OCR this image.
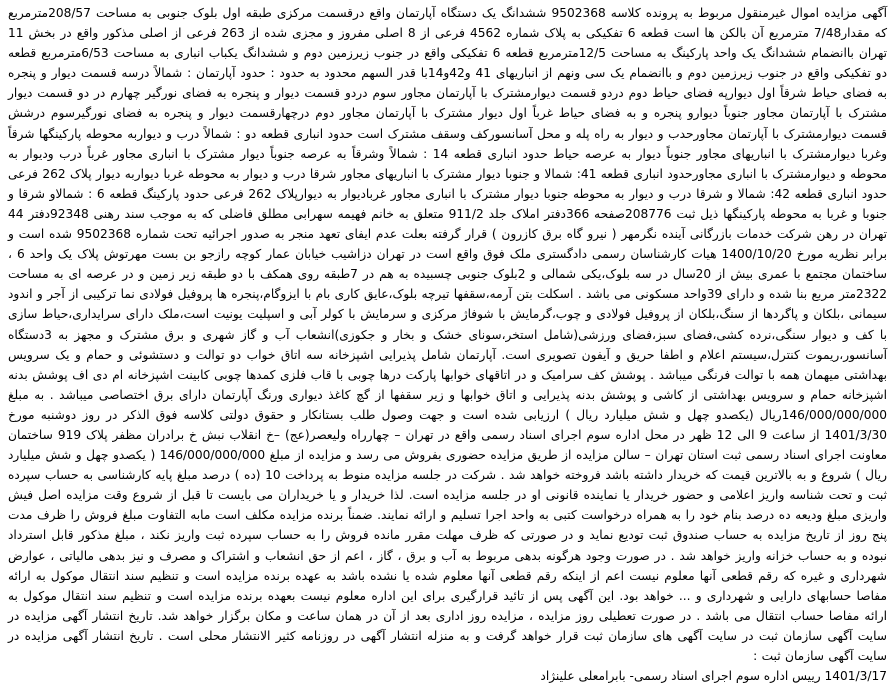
آگهی مزایده اموال غیرمنقول مربوط به پرونده کلاسه 9502368 ششدانگ یک دستگاه آپارتمان واقع درقسمت مرکزی طبقه اول بلوک جنوبی به مساحت 208/57مترمربع که مقدار7/48 مترمربع آن بالکن ها است قطعه 6 تفکیکی به پلاک شماره 4562 فرعی از 8 اصلی مفروز و مجزی شده از 263 فرعی از اصلی مذکور واقع در بخش 11 تهران باانضمام ششدانگ یک واحد پارکینگ به مساحت 12/5مترمربع قطعه 6 تفکیکی واقع در جنوب زیرزمین دوم و ششدانگ یکباب انباری به مساحت 6/53مترمربع قطعه دو تفکیکی واقع در جنوب زیرزمین دوم و باانضمام یک سی ونهم از انباریهای 41 و42و14با قدر السهم محدود به حدود : حدود آپارتمان : شمالاً درسه قسمت دیوار و پنجره به فضای حیاط شرقاً اول دیوارپه فضای حیاط دوم دردو قسمت دیوارمشترک با آپارتمان مجاور سوم دردو قسمت دیوار و پنجره به فضای نورگیر چهارم در دو قسمت دیوار مشترک با آپارتمان مجاور جنوباً دیوارو پنجره و به فضای حیاط غرباً اول دیوار مشترک با آپارتمان مجاور دوم درچهارقسمت دیوار و پنجره به فضای نورگیرسوم درشش قسمت دیوارمشترک با آپارتمان مجاورحدب و دیوار به راه پله و محل آسانسورکف وسقف مشترک است حدود انباری قطعه دو : شمالاً درب و دیواربه محوطه پارکینگها شرقاً وغربا دیوارمشترک با انباریهای مجاور جنوباً دیوار به عرصه حیاط حدود انباری قطعه 14 : شمالاً وشرقاً به عرصه جنوباً دیوار مشترک با انباری مجاور غرباً درب ودیوار به محوطه و دیوارمشترک با انباری مجاورحدود انباری قطعه 41: شمالا و جنوبا دیوار مشترک با انباریهای مجاور شرقا درب و دیوار به محوطه غربا دیواربه دیوار پلاک 262 فرعی حدود انباری قطعه 42: شمالا و شرقا درب و دیوار به محوطه جنوبا دیوار مشترک با انباری مجاور غربادیوار به دیوارپلاک 262 فرعی حدود پارکینگ قطعه 6 : شمالاو شرقا و جنوبا و غربا به محوطه پارکینگها ذیل ثبت 208776صفحه 366دفتر املاک جلد 911/2 متعلق به خانم فهیمه سهرابی مطلق فاضلی که به موجب سند رهنی 92348دفتر 44 تهران در رهن شرکت خدمات بازرگانی آینده نگرمهر ( نیرو گاه برق کازرون ) قرار گرفته بعلت عدم ایفای تعهد منجر به صدور اجرائیه تحت شماره 9502368 شده است و برابر نظریه مورخ 1400/10/20 هیات کارشناسان رسمی دادگستری ملک فوق واقع است در تهران دزاشیب خیابان عمار کوچه رازجو بن بست مهرتوش پلاک یک واحد 6 ، ساختمان مجتمع با عمری بیش از 20سال در سه بلوک،یکی شمالی و 2بلوک جنوبی چسبیده به هم در 7طبقه روی همکف با دو طبقه زیر زمین و در عرصه ای به مساحت 2322متر مربع بنا شده و دارای 39واحد مسکونی می باشد . اسکلت بتن آرمه،سقفها تیرچه بلوک،عایق کاری بام با ایزوگام،پنجره ها پروفیل فولادی نما ترکیبی از آجر و اندود سیمانی ،بلکان و پاگردها از سنگ،بلکان از پروفیل فولادی و چوب،گرمایش با شوفاژ مرکزی و سرمایش با کولر آبی و اسپلیت یونیت است،ملک دارای سرایداری،حیاط سازی با کف و دیوار سنگی،نرده کشی،فضای سبز،فضای ورزشی(شامل استخر،سونای خشک و بخار و جکوزی)انشعاب آب و گاز شهری و برق مشترک و مجهز به 3دستگاه آسانسور،ریموت کنترل،سیستم اعلام و اطفا حریق و آیفون تصویری است. آپارتمان شامل پذیرایی اشپزخانه سه اتاق خواب دو توالت و دستشوئی و حمام و یک سرویس بهداشتی میهمان همه با توالت فرنگی میباشد . پوشش کف سرامیک و در اتاقهای خوابها پارکت درها چوبی با قاب فلزی کمدها چوبی کابینت اشپزخانه ام دی اف پوشش بدنه اشپزخانه حمام و سرویس بهداشتی از کاشی و پوشش بدنه پذیرایی و اتاق خوابها و زیر سقفها از گچ کاغذ دیواری ورنگ آپارتمان دارای برق اختصاصی میباشد . به مبلغ 146/000/000/000ریال (یکصدو چهل و شش میلیارد ریال ) ارزیابی شده است و جهت وصول طلب بستانکار و حقوق دولتی کلاسه فوق الذکر در روز دوشنبه مورخ 1401/3/30 از ساعت 9 الی 12 ظهر در محل اداره سوم اجرای اسناد رسمی واقع در تهران – چهارراه ولیعصر(عج) –خ انقلاب نبش خ برادران مظفر پلاک 919 ساختمان معاونت اجرای اسناد رسمی ثبت استان تهران – سالن مزایده از طریق مزایده حضوری بفروش می رسد و مزایده از مبلغ 146/000/000/000 ( یکصدو چهل و شش میلیارد ریال ) شروع و به بالاترین قیمت که خریدار داشته باشد فروخته خواهد شد . شرکت در جلسه مزایده منوط به پرداخت 10 (ده ) درصد مبلغ پایه کارشناسی به حساب سپرده ثبت و تحت شناسه واریز اعلامی و حضور خریدار یا نماینده قانونی او در جلسه مزایده است. لذا خریدار و یا خریداران می بایست تا قبل از شروع وقت مزایده اصل فیش واریزی مبلغ ودیعه ده درصد بنام خود را به همراه درخواست کتبی به واحد اجرا تسلیم و ارائه نمایند. ضمناً برنده مزایده مکلف است مابه التفاوت مبلغ فروش را ظرف مدت پنج روز از تاریخ مزایده به حساب صندوق ثبت تودیع نماید و در صورتی که ظرف مهلت مقرر مانده فروش را به حساب سپرده ثبت واریز نکند ، مبلغ مذکور قابل استرداد نبوده و به حساب خزانه واریز خواهد شد . در صورت وجود هرگونه بدهی مربوط به آب و برق ، گاز ، اعم از حق انشعاب و اشتراک و مصرف و نیز بدهی مالیاتی ، عوارض شهرداری و غیره که رقم قطعی آنها معلوم نیست اعم از اینکه رقم قطعی آنها معلوم شده یا نشده باشد به عهده برنده مزایده است و تنظیم سند انتقال موکول به ارائه مفاصا حسابهای دارایی و شهرداری و ... خواهد بود. این آگهی پس از تائید قرارگیری برای این اداره معلوم نیست بعهده برنده مزایده است و تنظیم سند انتقال موکول به ارائه مفاصا حساب انتقال می باشد . در صورت تعطیلی روز مزایده ، مزایده روز اداری بعد از آن در همان ساعت و مکان برگزار خواهد شد. تاریخ انتشار آگهی مزایده در سایت آگهی سازمان ثبت در سایت آگهی های سازمان ثبت قرار خواهد گرفت و به منزله انتشار آگهی در روزنامه کثیر الانتشار محلی است . تاریخ انتشار آگهی مزایده در سایت آگهی سازمان ثبت :

1401/3/17 رییس اداره سوم اجرای اسناد رسمی- بابرامعلی علینژاد
